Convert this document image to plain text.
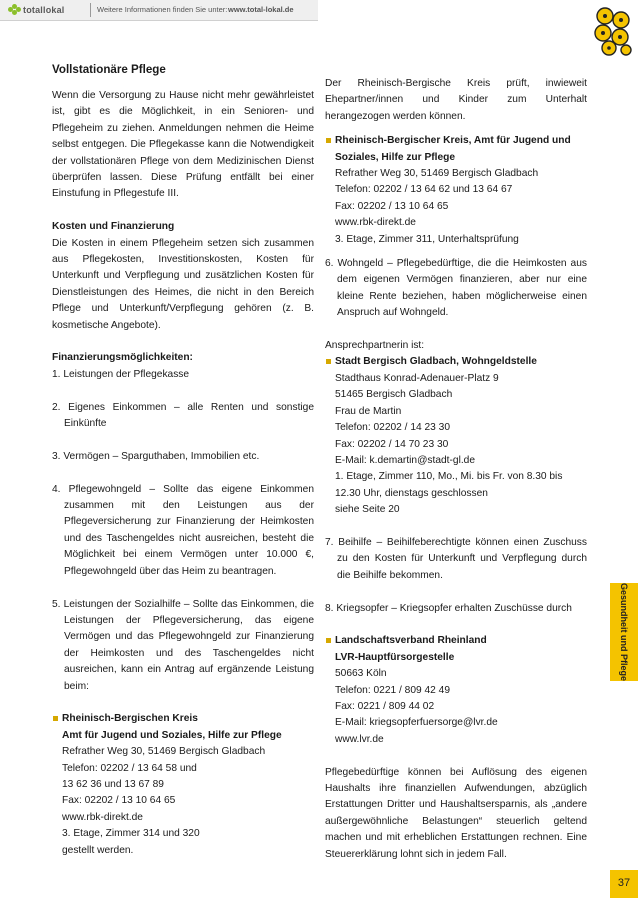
totallokal	Weitere Informationen finden Sie unter: www.total-lokal.de
Gesundheit und Pflege
37

Vollstationäre Pflege

Wenn die Versorgung zu Hause nicht mehr gewährleistet ist, gibt es die Möglichkeit, in ein Senioren- und Pflegeheim zu ziehen. Anmeldungen nehmen die Heime selbst entgegen. Die Pflegekasse kann die Notwendigkeit der vollstationären Pflege von dem Medizinischen Dienst überprüfen lassen. Diese Prüfung entfällt bei einer Einstufung in Pflegestufe III.

Kosten und Finanzierung

Die Kosten in einem Pflegeheim setzen sich zusammen aus Pflegekosten, Investitionskosten, Kosten für Unterkunft und Verpflegung und zusätzlichen Kosten für Dienstleistungen des Heimes, die nicht in den Bereich Pflege und Unterkunft/Verpflegung gehören (z. B. kosmetische Angebote).

Finanzierungsmöglichkeiten:

1. Leistungen der Pflegekasse

2. Eigenes Einkommen – alle Renten und sonstige Einkünfte

3. Vermögen – Sparguthaben, Immobilien etc.

4. Pflegewohngeld – Sollte das eigene Einkommen zusammen mit den Leistungen aus der Pflegeversicherung zur Finanzierung der Heimkosten und des Taschengeldes nicht ausreichen, besteht die Möglichkeit bei einem Vermögen unter 10.000 €, Pflegewohngeld über das Heim zu beantragen.

5. Leistungen der Sozialhilfe – Sollte das Einkommen, die Leistungen der Pflegeversicherung, das eigene Vermögen und das Pflegewohngeld zur Finanzierung der Heimkosten und des Taschengeldes nicht ausreichen, kann ein Antrag auf ergänzende Leistung beim:

Rheinisch-Bergischen Kreis

Amt für Jugend und Soziales, Hilfe zur Pflege

Refrather Weg 30, 51469 Bergisch Gladbach

Telefon: 02202 / 13 64 58 und

13 62 36 und 13 67 89

Fax: 02202 / 13 10 64 65

www.rbk-direkt.de

3. Etage, Zimmer 314 und 320

gestellt werden.

Der Rheinisch-Bergische Kreis prüft, inwieweit Ehepartner/innen und Kinder zum Unterhalt herangezogen werden können.

Rheinisch-Bergischer Kreis, Amt für Jugend und Soziales, Hilfe zur Pflege

Refrather Weg 30, 51469 Bergisch Gladbach

Telefon: 02202 / 13 64 62 und 13 64 67

Fax: 02202 / 13 10 64 65

www.rbk-direkt.de

3. Etage, Zimmer 311, Unterhaltsprüfung

6. Wohngeld – Pflegebedürftige, die die Heimkosten aus dem eigenen Vermögen finanzieren, aber nur eine kleine Rente beziehen, haben möglicherweise einen Anspruch auf Wohngeld.

Ansprechpartnerin ist:

Stadt Bergisch Gladbach, Wohngeldstelle

Stadthaus Konrad-Adenauer-Platz 9

51465 Bergisch Gladbach

Frau de Martin

Telefon: 02202 / 14 23 30

Fax: 02202 / 14 70 23 30

E-Mail: k.demartin@stadt-gl.de

1. Etage, Zimmer 110, Mo., Mi. bis Fr. von 8.30 bis

12.30 Uhr, dienstags geschlossen

siehe Seite 20

7. Beihilfe – Beihilfeberechtigte können einen Zuschuss zu den Kosten für Unterkunft und Verpflegung durch die Beihilfe bekommen.

8. Kriegsopfer – Kriegsopfer erhalten Zuschüsse durch

Landschaftsverband Rheinland

LVR-Hauptfürsorgestelle

50663 Köln

Telefon: 0221 / 809 42 49

Fax: 0221 / 809 44 02

E-Mail: kriegsopferfuersorge@lvr.de

www.lvr.de

Pflegebedürftige können bei Auflösung des eigenen Haushalts ihre finanziellen Aufwendungen, abzüglich Erstattungen Dritter und Haushaltsersparnis, als „andere außergewöhnliche Belastungen“ steuerlich geltend machen und mit erheblichen Erstattungen rechnen. Eine Steuererklärung lohnt sich in jedem Fall.
